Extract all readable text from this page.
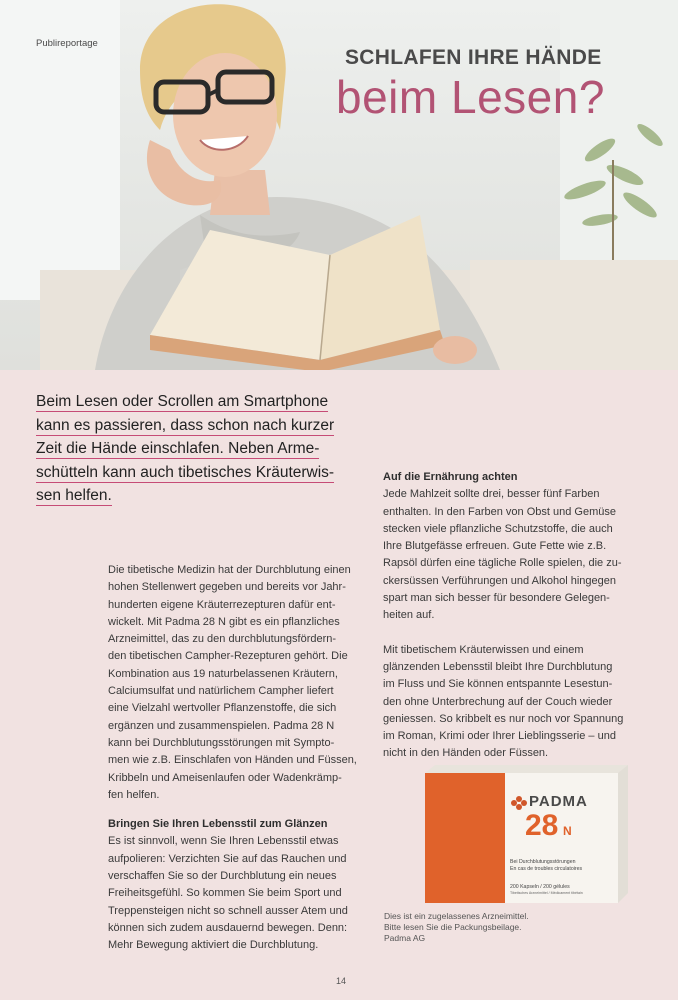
Publireportage
SCHLAFEN IHRE HÄNDE
beim Lesen?
Beim Lesen oder Scrollen am Smartphone
kann es passieren, dass schon nach kurzer
Zeit die Hände einschlafen. Neben Arme-
schütteln kann auch tibetisches Kräuterwis-
sen helfen.

Die tibetische Medizin hat der Durchblutung einen

hohen Stellenwert gegeben und bereits vor Jahr-

hunderten eigene Kräuterrezepturen dafür ent-

wickelt. Mit Padma 28 N gibt es ein pflanzliches

Arzneimittel, das zu den durchblutungsfördern-

den tibetischen Campher-Rezepturen gehört. Die

Kombination aus 19 naturbelassenen Kräutern,

Calciumsulfat und natürlichem Campher liefert

eine Vielzahl wertvoller Pflanzenstoffe, die sich

ergänzen und zusammenspielen. Padma 28 N

kann bei Durchblutungsstörungen mit Sympto-

men wie z.B. Einschlafen von Händen und Füssen,

Kribbeln und Ameisenlaufen oder Wadenkrämp-

fen helfen.

Bringen Sie Ihren Lebensstil zum Glänzen

Es ist sinnvoll, wenn Sie Ihren Lebensstil etwas

aufpolieren: Verzichten Sie auf das Rauchen und

verschaffen Sie so der Durchblutung ein neues

Freiheitsgefühl. So kommen Sie beim Sport und

Treppensteigen nicht so schnell ausser Atem und

können sich zudem ausdauernd bewegen. Denn:

Mehr Bewegung aktiviert die Durchblutung.

Auf die Ernährung achten

Jede Mahlzeit sollte drei, besser fünf Farben

enthalten. In den Farben von Obst und Gemüse

stecken viele pflanzliche Schutzstoffe, die auch

Ihre Blutgefässe erfreuen. Gute Fette wie z.B.

Rapsöl dürfen eine tägliche Rolle spielen, die zu-

ckersüssen Verführungen und Alkohol hingegen

spart man sich besser für besondere Gelegen-

heiten auf.

Mit tibetischem Kräuterwissen und einem

glänzenden Lebensstil bleibt Ihre Durchblutung

im Fluss und Sie können entspannte Lesestun-

den ohne Unterbrechung auf der Couch wieder

geniessen. So kribbelt es nur noch vor Spannung

im Roman, Krimi oder Ihrer Lieblingsserie – und

nicht in den Händen oder Füssen.

PADMA
28 N
Bei Durchblutungsstörungen
En cas de troubles circulatoires
200 Kapseln / 200 gélules
Tibetisches Arzneimittel / Médicament tibétain
Dies ist ein zugelassenes Arzneimittel.
Bitte lesen Sie die Packungsbeilage.
Padma AG
14
